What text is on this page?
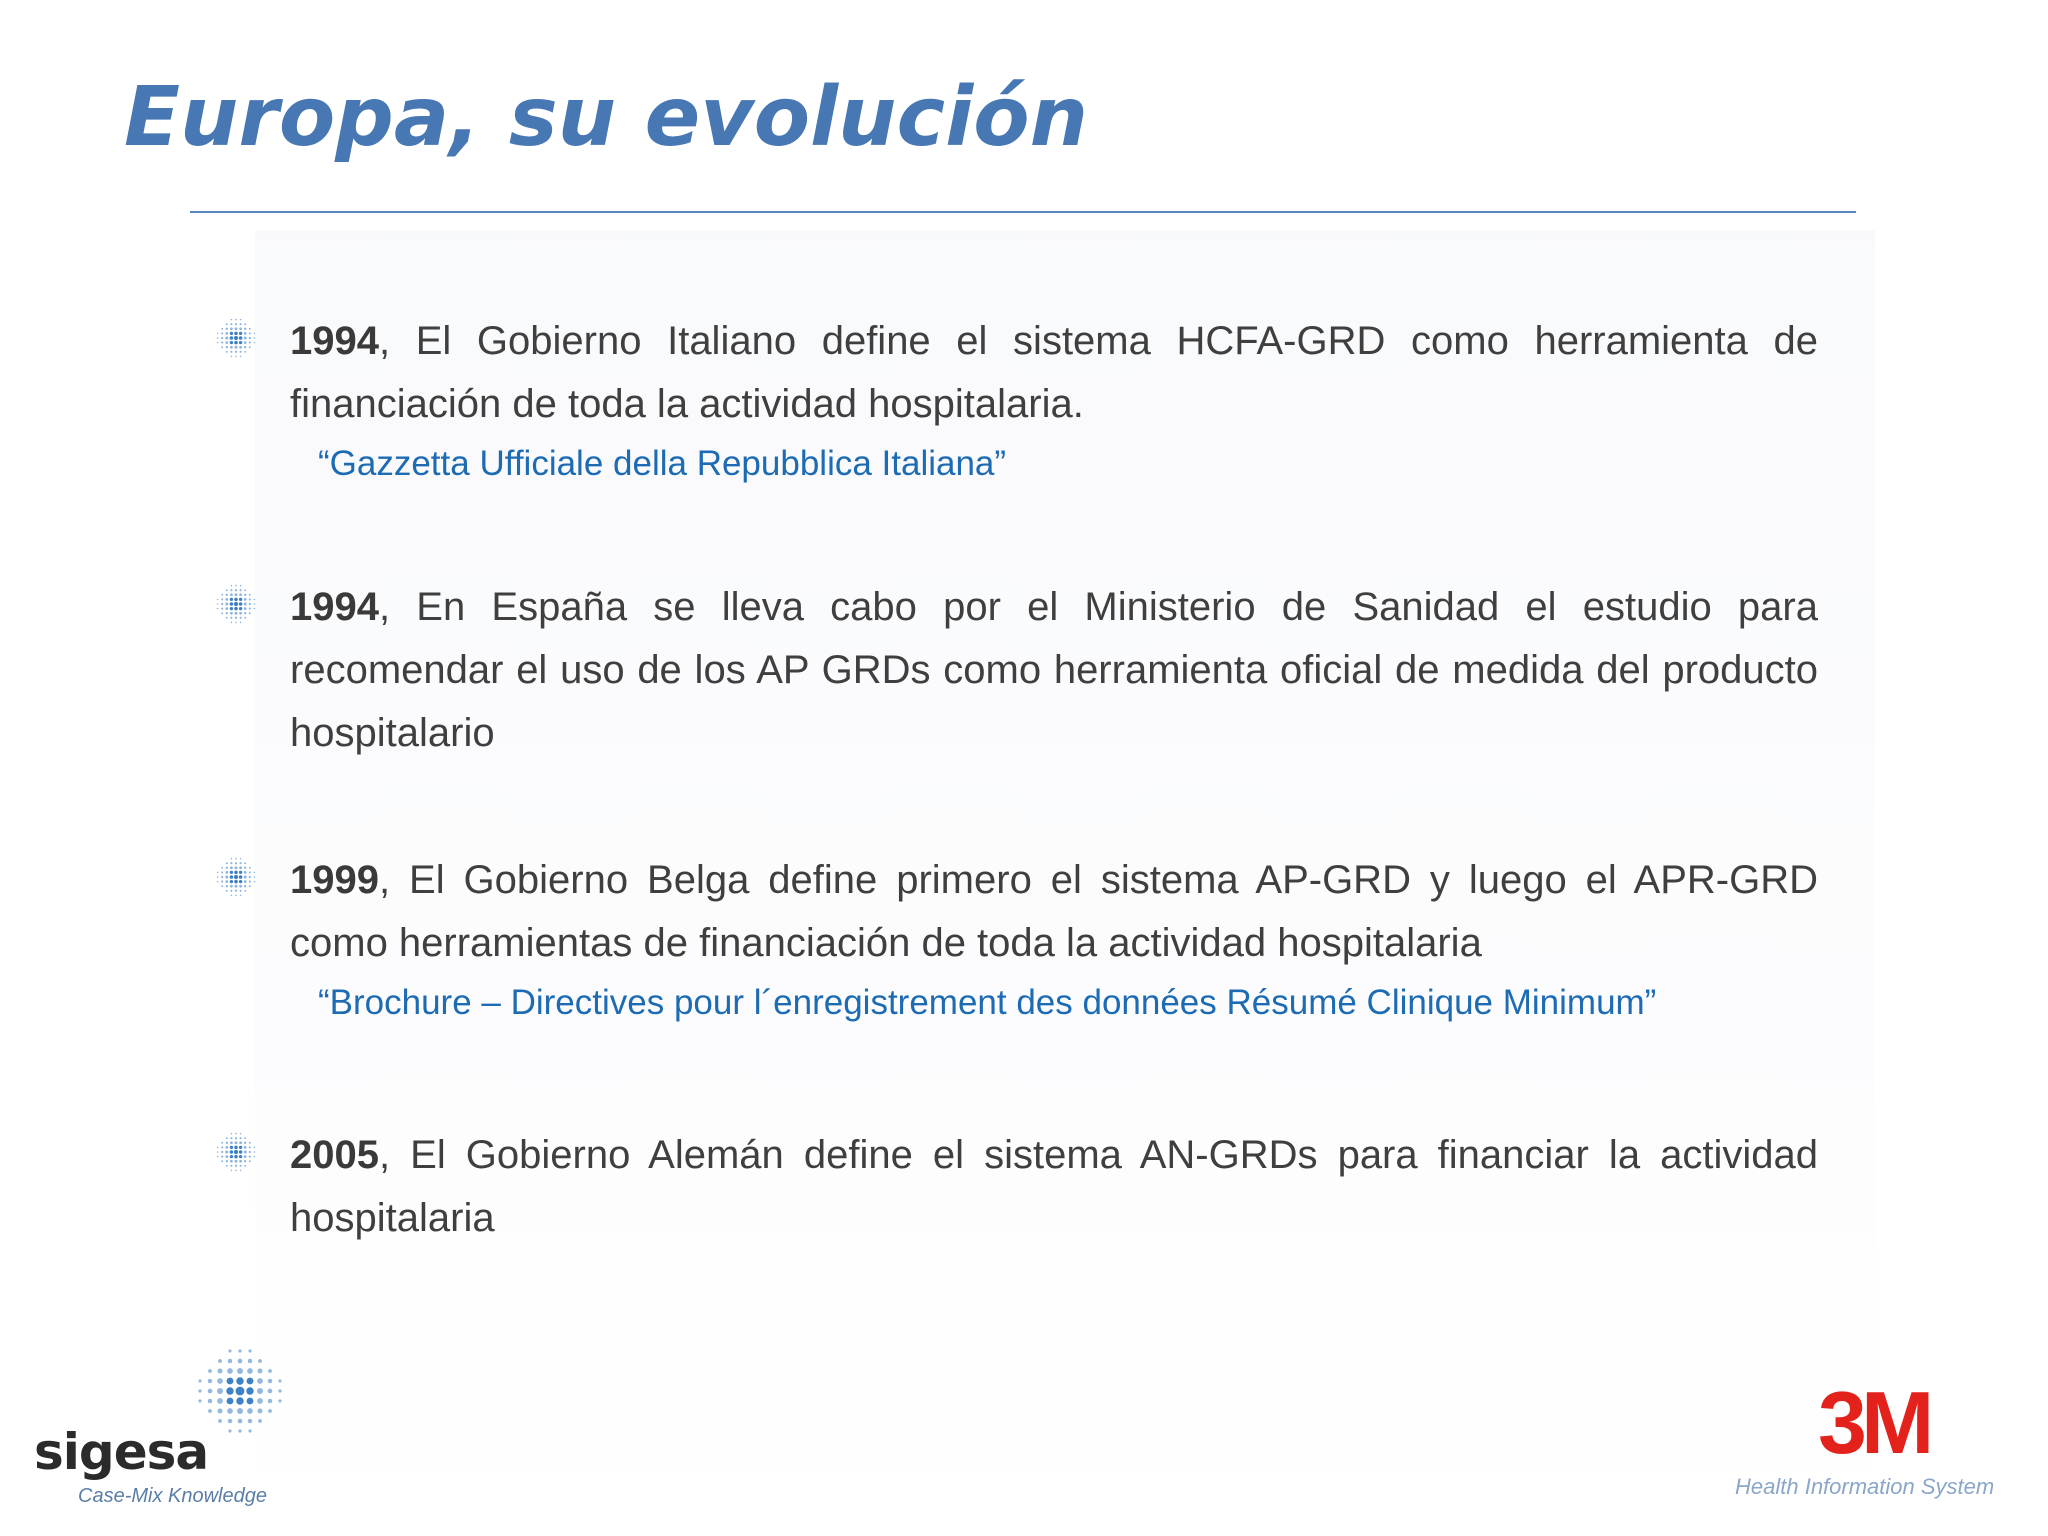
Europa, su evolución
1994, El Gobierno Italiano define el sistema HCFA-GRD como herramienta de financiación de toda la actividad hospitalaria.
“Gazzetta Ufficiale della Repubblica Italiana”
1994, En España se lleva cabo por el Ministerio de Sanidad el estudio para recomendar el uso de los AP GRDs como herramienta oficial de medida del producto hospitalario
1999, El Gobierno Belga define primero el sistema AP-GRD y luego el APR-GRD como herramientas de financiación de toda la actividad hospitalaria
“Brochure – Directives pour l´enregistrement des données Résumé Clinique Minimum”
2005, El Gobierno Alemán define el sistema AN-GRDs para financiar la actividad hospitalaria
sigesa
Case-Mix Knowledge
3M
Health Information System
